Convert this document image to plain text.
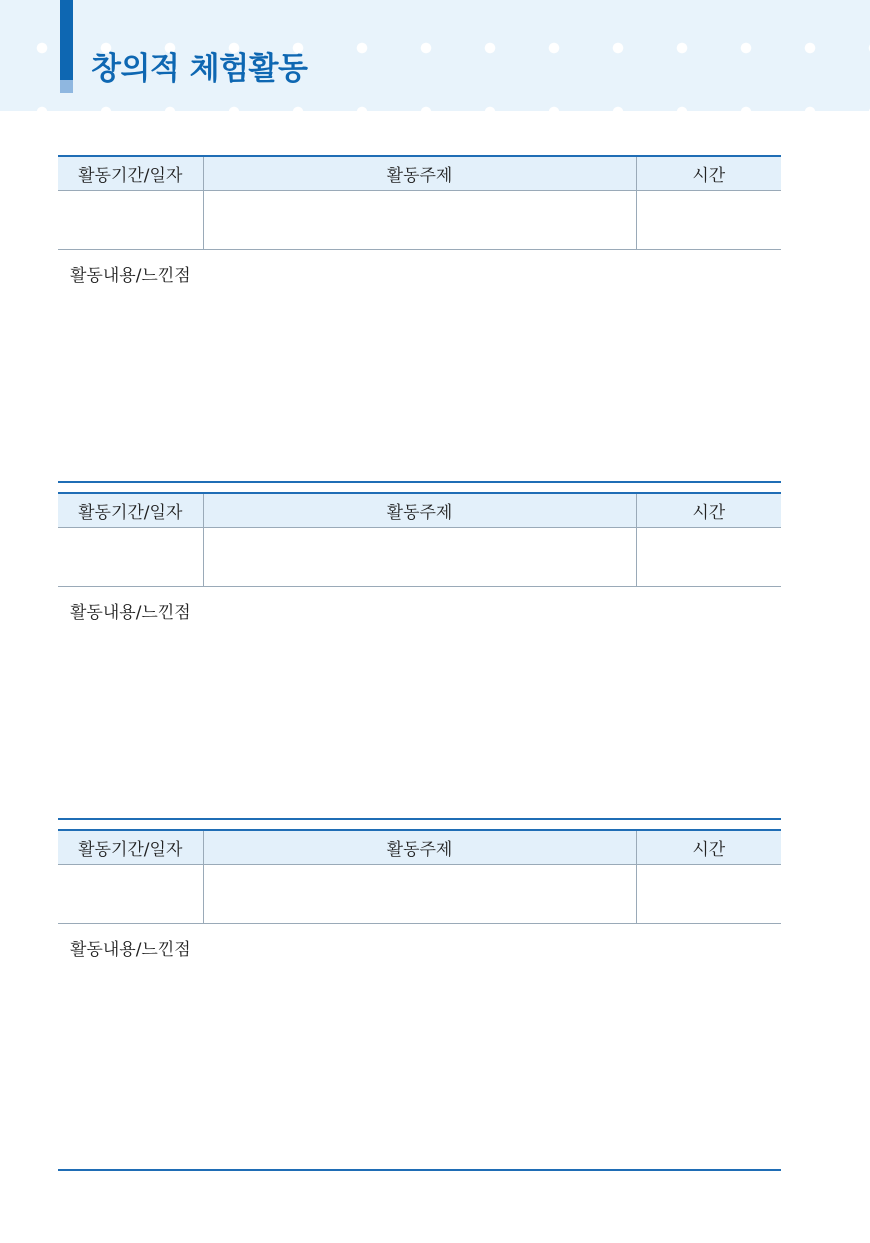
창의적 체험활동
활동기간/일자	활동주제	시간

활동내용/느낀점
활동기간/일자	활동주제	시간

활동내용/느낀점
활동기간/일자	활동주제	시간

활동내용/느낀점
